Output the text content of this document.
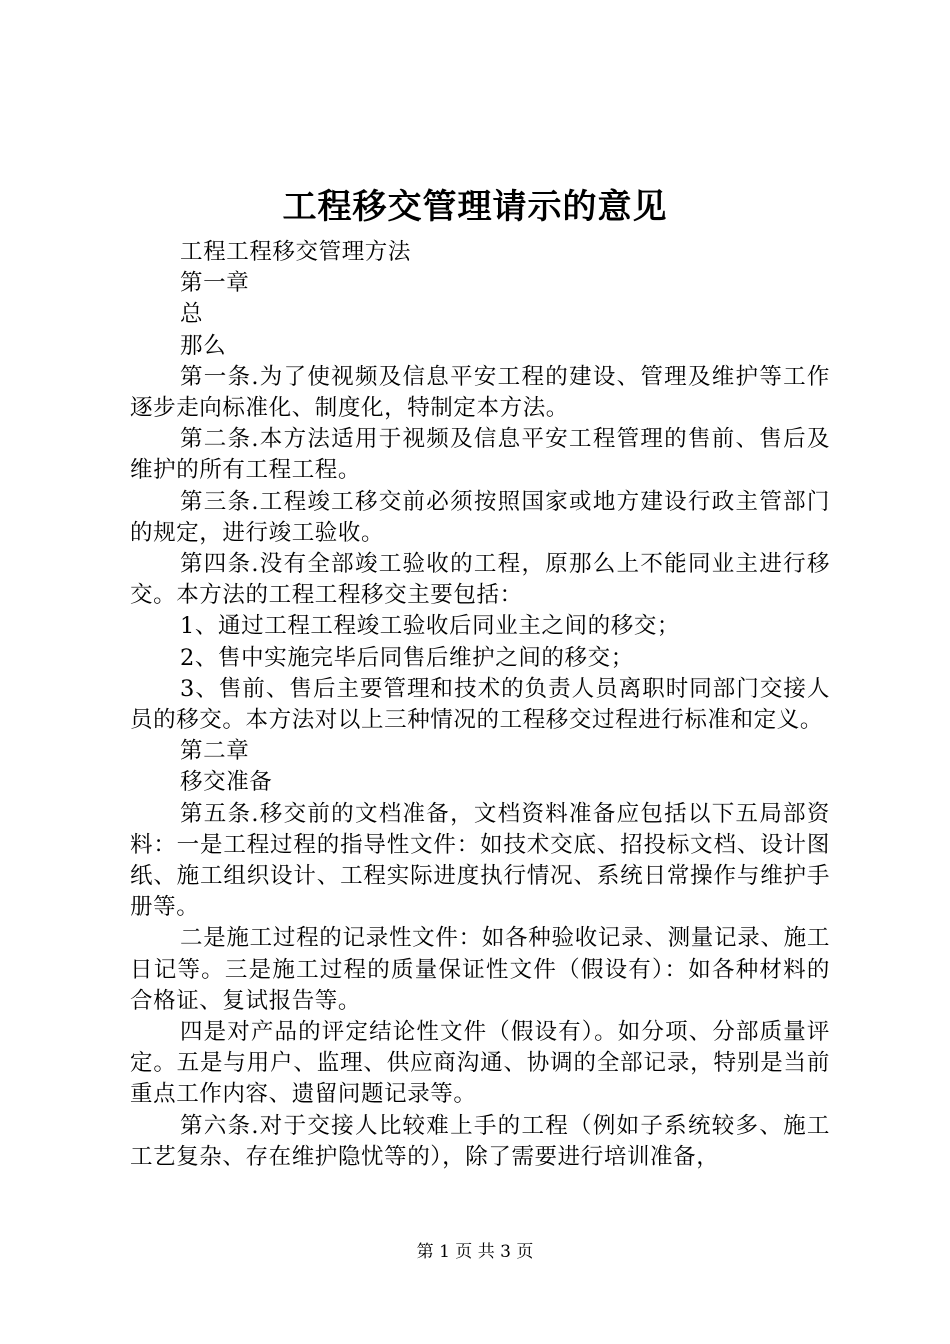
工程移交管理请示的意见

工程工程移交管理方法

第一章

总

那么

第一条.为了使视频及信息平安工程的建设、管理及维护等工作逐步走向标准化、制度化，特制定本方法。

第二条.本方法适用于视频及信息平安工程管理的售前、售后及维护的所有工程工程。

第三条.工程竣工移交前必须按照国家或地方建设行政主管部门的规定，进行竣工验收。

第四条.没有全部竣工验收的工程，原那么上不能同业主进行移交。本方法的工程工程移交主要包括：

1、通过工程工程竣工验收后同业主之间的移交；

2、售中实施完毕后同售后维护之间的移交；

3、售前、售后主要管理和技术的负责人员离职时同部门交接人员的移交。本方法对以上三种情况的工程移交过程进行标准和定义。

第二章

移交准备

第五条.移交前的文档准备，文档资料准备应包括以下五局部资料：一是工程过程的指导性文件：如技术交底、招投标文档、设计图纸、施工组织设计、工程实际进度执行情况、系统日常操作与维护手册等。

二是施工过程的记录性文件：如各种验收记录、测量记录、施工日记等。三是施工过程的质量保证性文件（假设有）：如各种材料的合格证、复试报告等。

四是对产品的评定结论性文件（假设有）。如分项、分部质量评定。五是与用户、监理、供应商沟通、协调的全部记录，特别是当前重点工作内容、遗留问题记录等。

第六条.对于交接人比较难上手的工程（例如子系统较多、施工工艺复杂、存在维护隐忧等的），除了需要进行培训准备，

第 1 页 共 3 页
